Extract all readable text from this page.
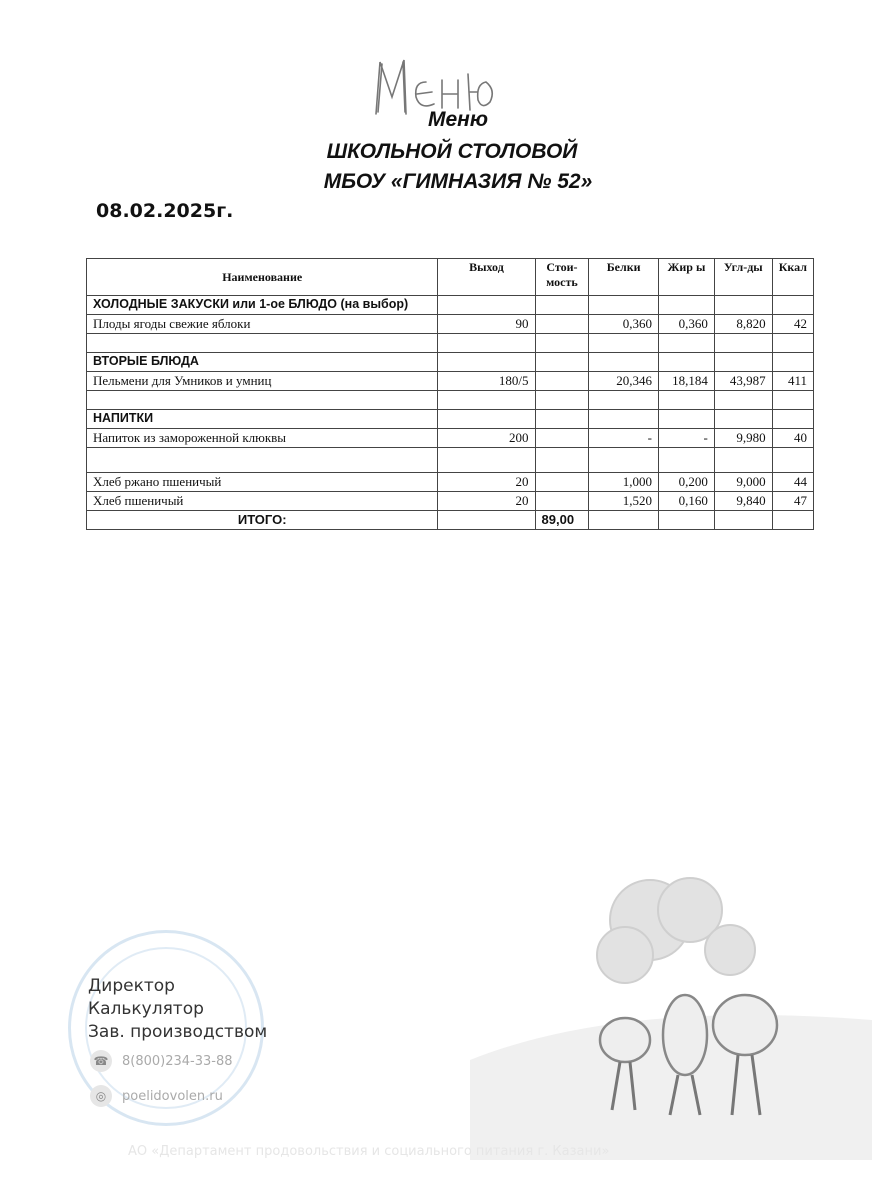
Меню
ШКОЛЬНОЙ СТОЛОВОЙ
МБОУ «ГИМНАЗИЯ № 52»
08.02.2025г.
Наименование	Выход	Стои-мость	Белки	Жир ы	Угл-ды	Ккал
ХОЛОДНЫЕ ЗАКУСКИ или 1-ое БЛЮДО (на выбор)						
Плоды ягоды свежие яблоки	90		0,360	0,360	8,820	42

ВТОРЫЕ БЛЮДА						
Пельмени для Умников и умниц	180/5		20,346	18,184	43,987	411

НАПИТКИ						
Напиток из замороженной клюквы	200		-	-	9,980	40

Хлеб ржано пшеничый	20		1,000	0,200	9,000	44
Хлеб пшеничый	20		1,520	0,160	9,840	47
ИТОГО:		89,00				
Директор
Калькулятор
Зав. производством
☎ 8(800)234-33-88
◎	poelidovolen.ru
АО «Департамент продовольствия и социального питания г. Казани»
